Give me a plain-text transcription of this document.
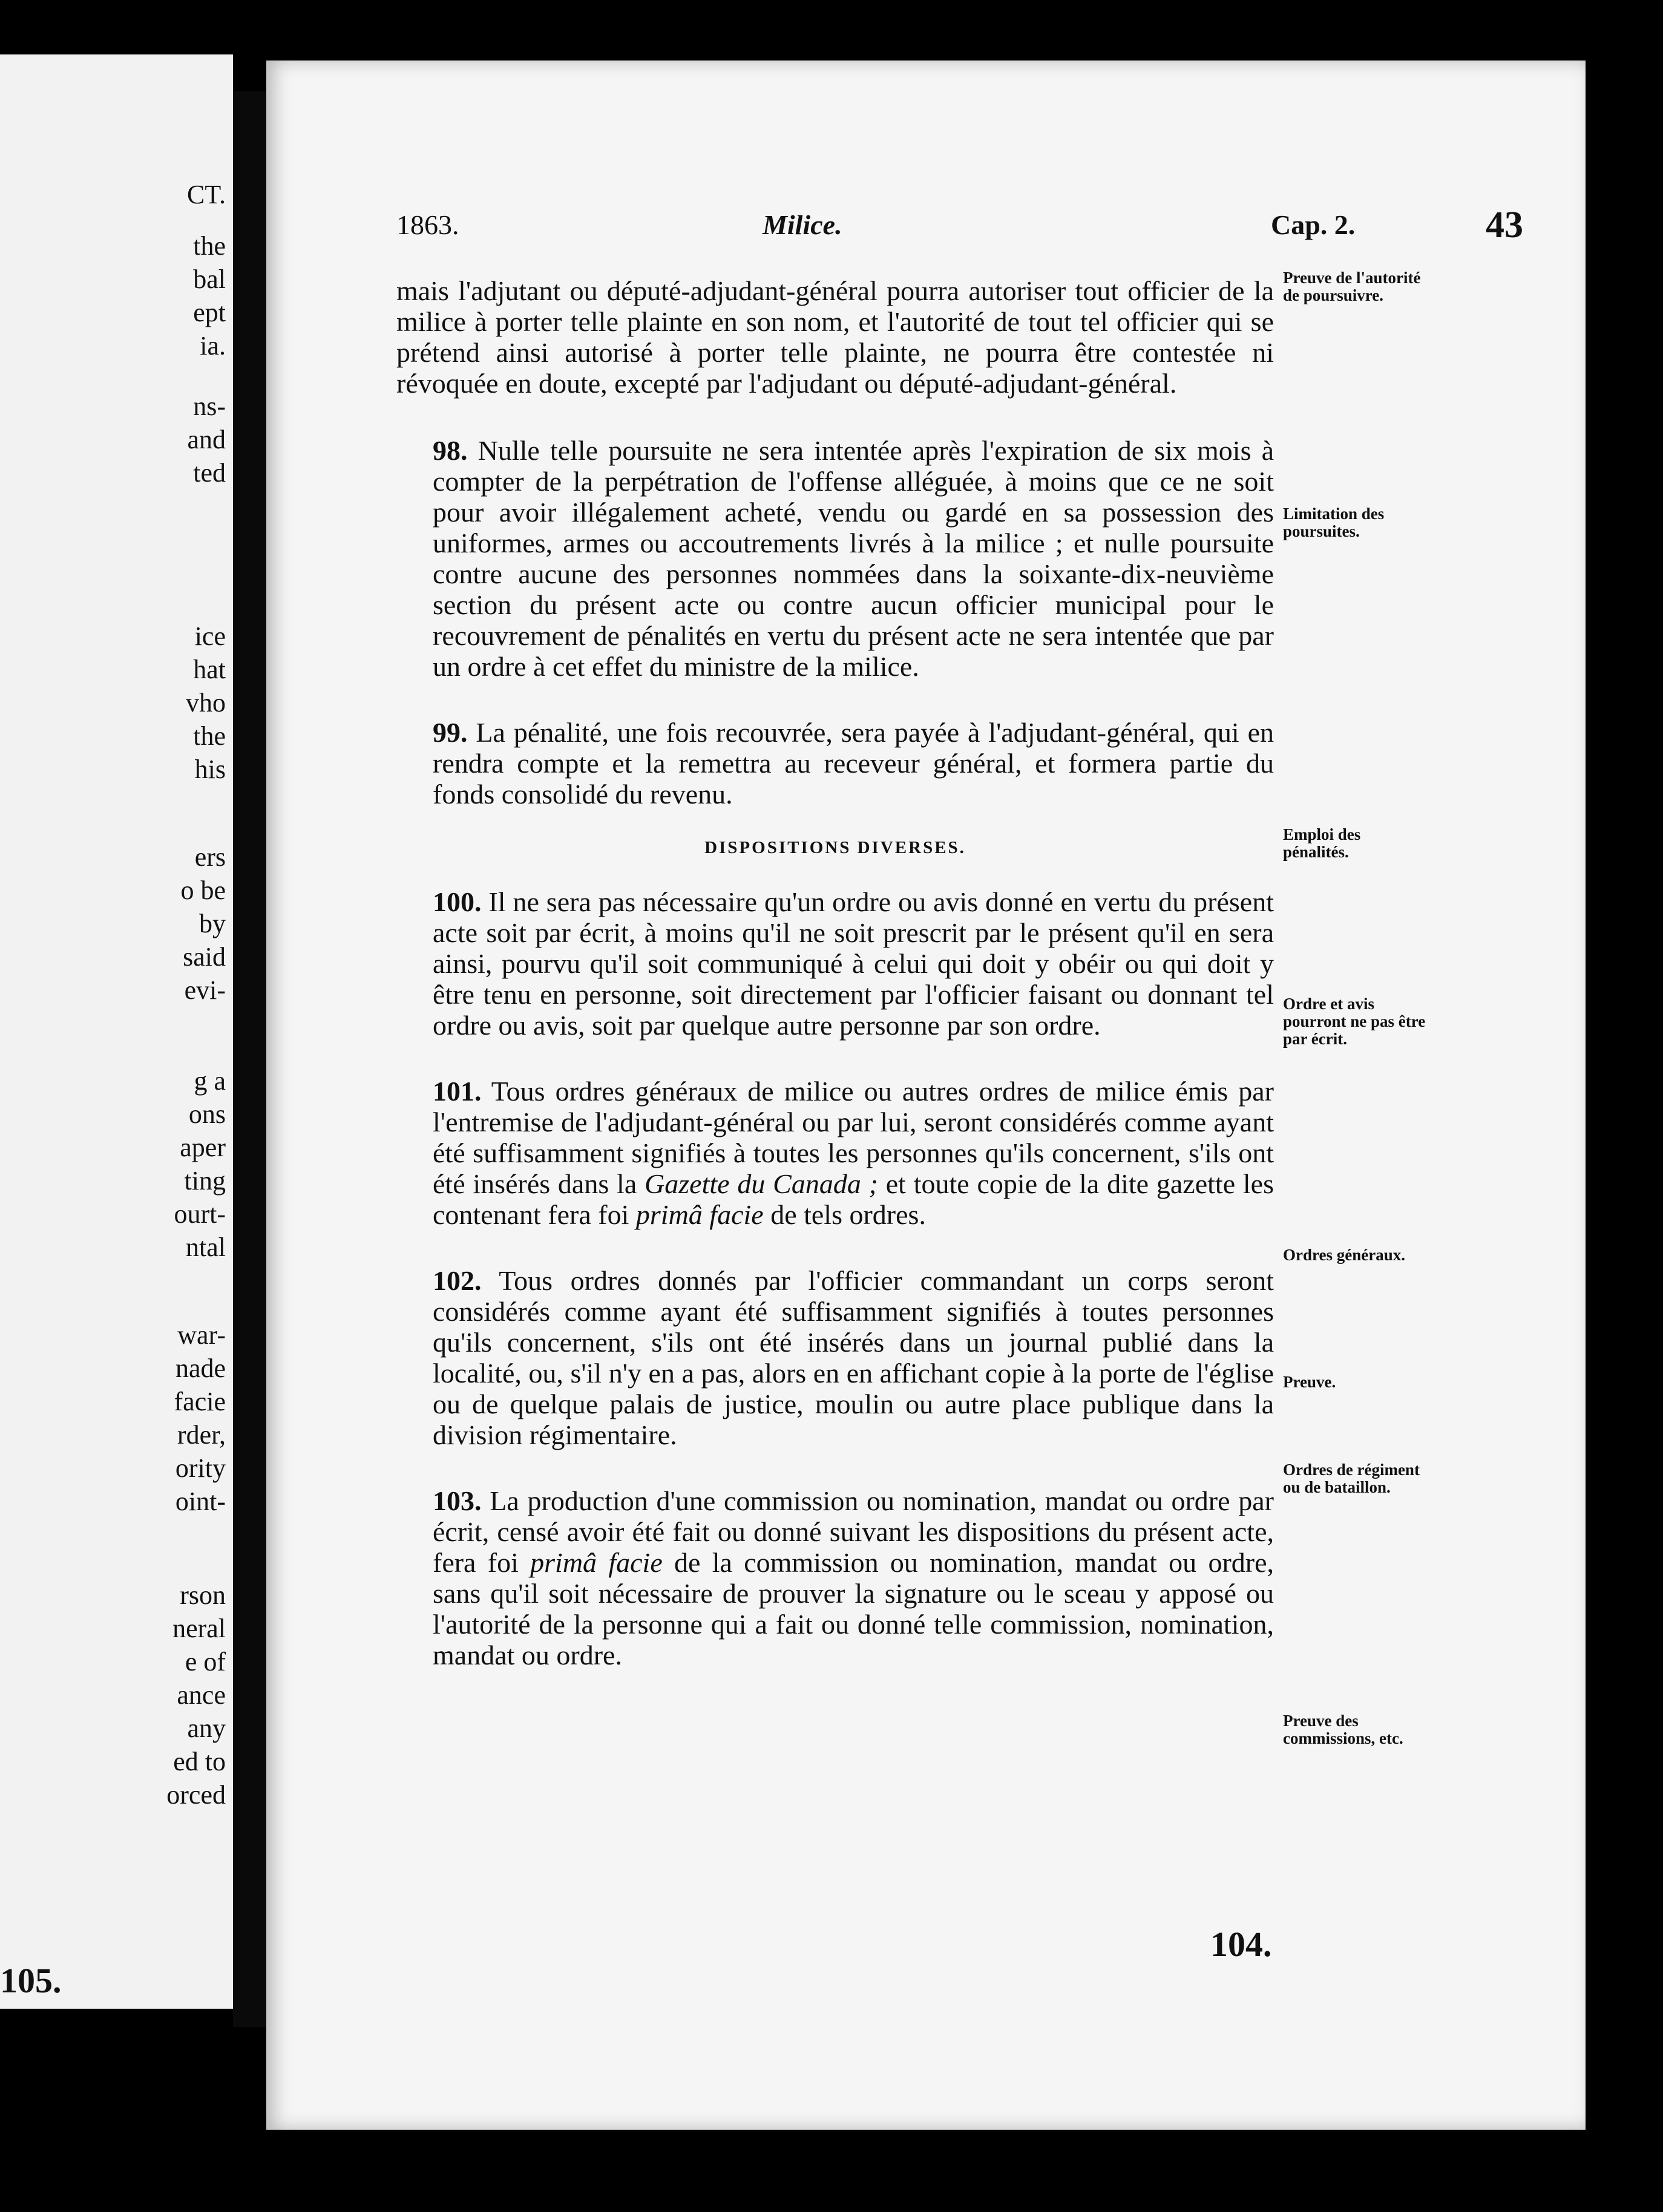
CT.
the
bal
ept
ia.
ns-
and
ted
ice
hat
vho
the
his
ers
o be
by
said
evi-
g a
ons
aper
ting
ourt-
ntal
war-
nade
facie
rder,
ority
oint-
rson
neral
e of
ance
any
ed to
orced
105.
1863.	Milice.	Cap. 2.	43

mais l'adjutant ou député-adjudant-général pourra autoriser tout officier de la milice à porter telle plainte en son nom, et l'autorité de tout tel officier qui se prétend ainsi autorisé à porter telle plainte, ne pourra être contestée ni révoquée en doute, excepté par l'adjudant ou député-adjudant-général.

98. Nulle telle poursuite ne sera intentée après l'expiration de six mois à compter de la perpétration de l'offense alléguée, à moins que ce ne soit pour avoir illégalement acheté, vendu ou gardé en sa possession des uniformes, armes ou accoutrements livrés à la milice ; et nulle poursuite contre aucune des personnes nommées dans la soixante-dix-neuvième section du présent acte ou contre aucun officier municipal pour le recouvrement de pénalités en vertu du présent acte ne sera intentée que par un ordre à cet effet du ministre de la milice.

99. La pénalité, une fois recouvrée, sera payée à l'adjudant-général, qui en rendra compte et la remettra au receveur général, et formera partie du fonds consolidé du revenu.

DISPOSITIONS DIVERSES.

100. Il ne sera pas nécessaire qu'un ordre ou avis donné en vertu du présent acte soit par écrit, à moins qu'il ne soit prescrit par le présent qu'il en sera ainsi, pourvu qu'il soit communiqué à celui qui doit y obéir ou qui doit y être tenu en personne, soit directement par l'officier faisant ou donnant tel ordre ou avis, soit par quelque autre personne par son ordre.

101. Tous ordres généraux de milice ou autres ordres de milice émis par l'entremise de l'adjudant-général ou par lui, seront considérés comme ayant été suffisamment signifiés à toutes les personnes qu'ils concernent, s'ils ont été insérés dans la Gazette du Canada ; et toute copie de la dite gazette les contenant fera foi primâ facie de tels ordres.

102. Tous ordres donnés par l'officier commandant un corps seront considérés comme ayant été suffisamment signifiés à toutes personnes qu'ils concernent, s'ils ont été insérés dans un journal publié dans la localité, ou, s'il n'y en a pas, alors en en affichant copie à la porte de l'église ou de quelque palais de justice, moulin ou autre place publique dans la division régimentaire.

103. La production d'une commission ou nomination, mandat ou ordre par écrit, censé avoir été fait ou donné suivant les dispositions du présent acte, fera foi primâ facie de la commission ou nomination, mandat ou ordre, sans qu'il soit nécessaire de prouver la signature ou le sceau y apposé ou l'autorité de la personne qui a fait ou donné telle commission, nomination, mandat ou ordre.

Preuve de l'autorité de poursuivre.
Limitation des poursuites.
Emploi des pénalités.
Ordre et avis pourront ne pas être par écrit.
Ordres généraux.
Preuve.
Ordres de régiment ou de bataillon.
Preuve des commissions, etc.
104.
